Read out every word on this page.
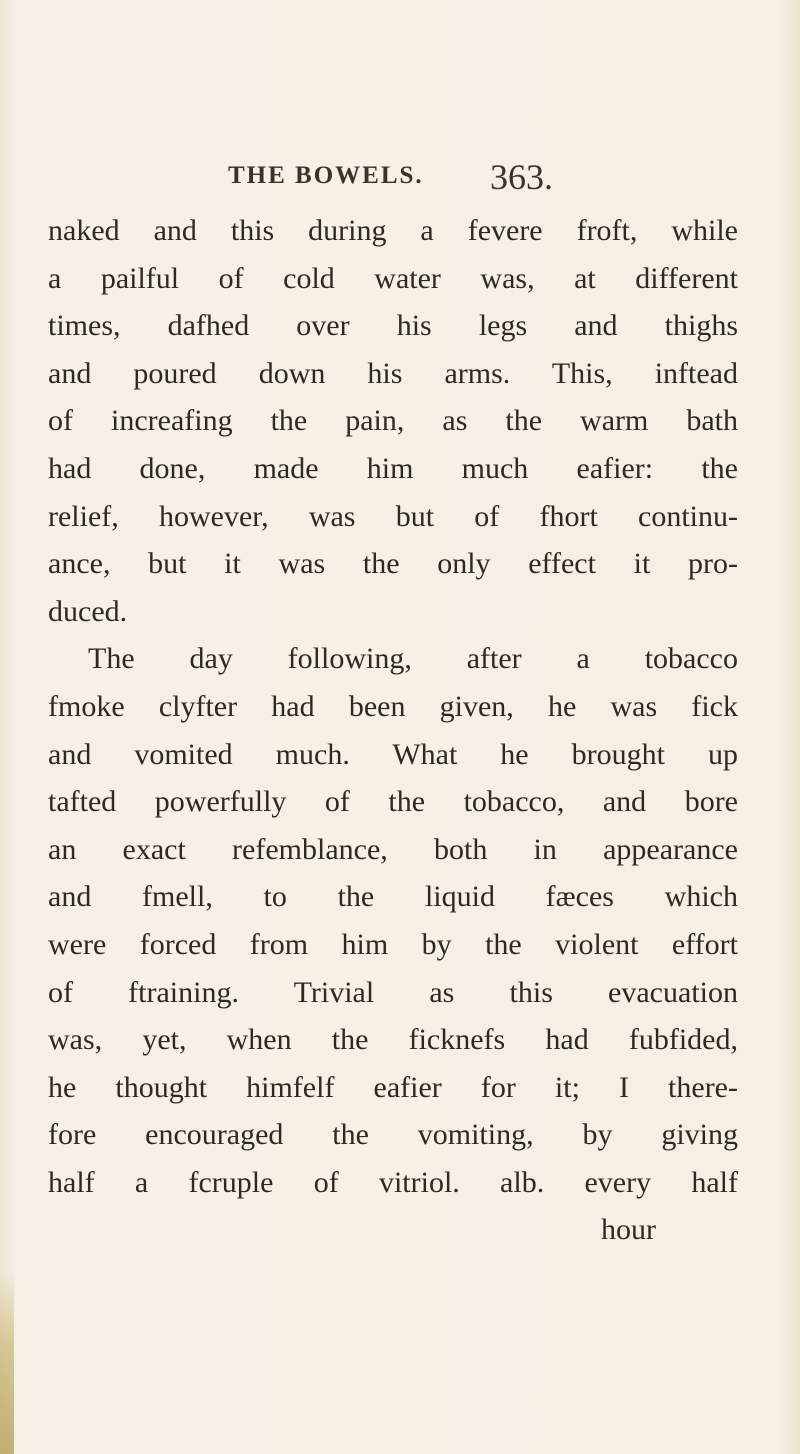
THE BOWELS. 363.
naked and this during a fevere froft, while
a pailful of cold water was, at different
times, dafhed over his legs and thighs
and poured down his arms. This, inftead
of increafing the pain, as the warm bath
had done, made him much eafier: the
relief, however, was but of fhort continu-
ance, but it was the only effect it pro-
duced.
The day following, after a tobacco
fmoke clyfter had been given, he was fick
and vomited much. What he brought up
tafted powerfully of the tobacco, and bore
an exact refemblance, both in appearance
and fmell, to the liquid fæces which
were forced from him by the violent effort
of ftraining. Trivial as this evacuation
was, yet, when the ficknefs had fubfided,
he thought himfelf eafier for it; I there-
fore encouraged the vomiting, by giving
half a fcruple of vitriol. alb. every half
hour
